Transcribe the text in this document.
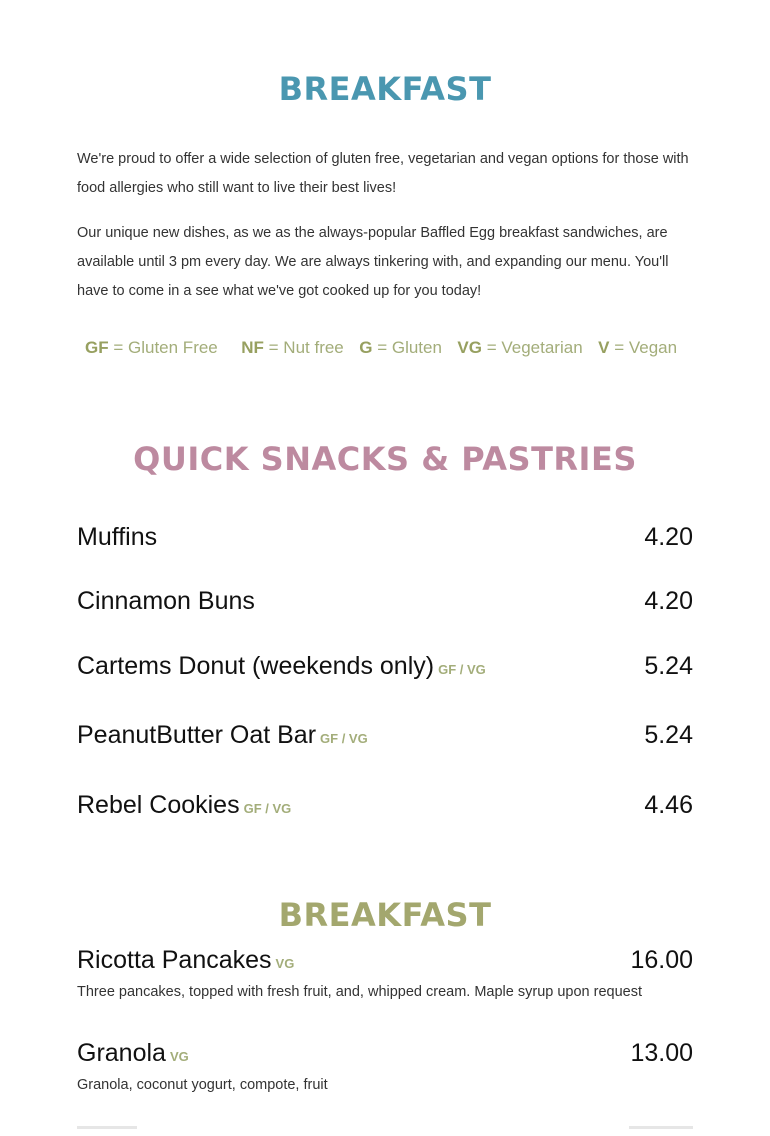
BREAKFAST

We're proud to offer a wide selection of gluten free, vegetarian and vegan options for those with food allergies who still want to live their best lives!

Our unique new dishes, as we as the always-popular Baffled Egg breakfast sandwiches, are available until 3 pm every day. We are always tinkering with, and expanding our menu. You'll have to come in a see what we've got cooked up for you today!

GF = Gluten Free NF = Nut free G = Gluten VG = Vegetarian V = Vegan
QUICK SNACKS & PASTRIES
Muffins	4.20
Cinnamon Buns	4.20
Cartems Donut (weekends only) GF / VG	5.24
PeanutButter Oat Bar GF / VG	5.24
Rebel Cookies GF / VG	4.46
BREAKFAST
Ricotta Pancakes VG	16.00
Three pancakes, topped with fresh fruit, and, whipped cream. Maple syrup upon request
Granola VG	13.00
Granola, coconut yogurt, compote, fruit
